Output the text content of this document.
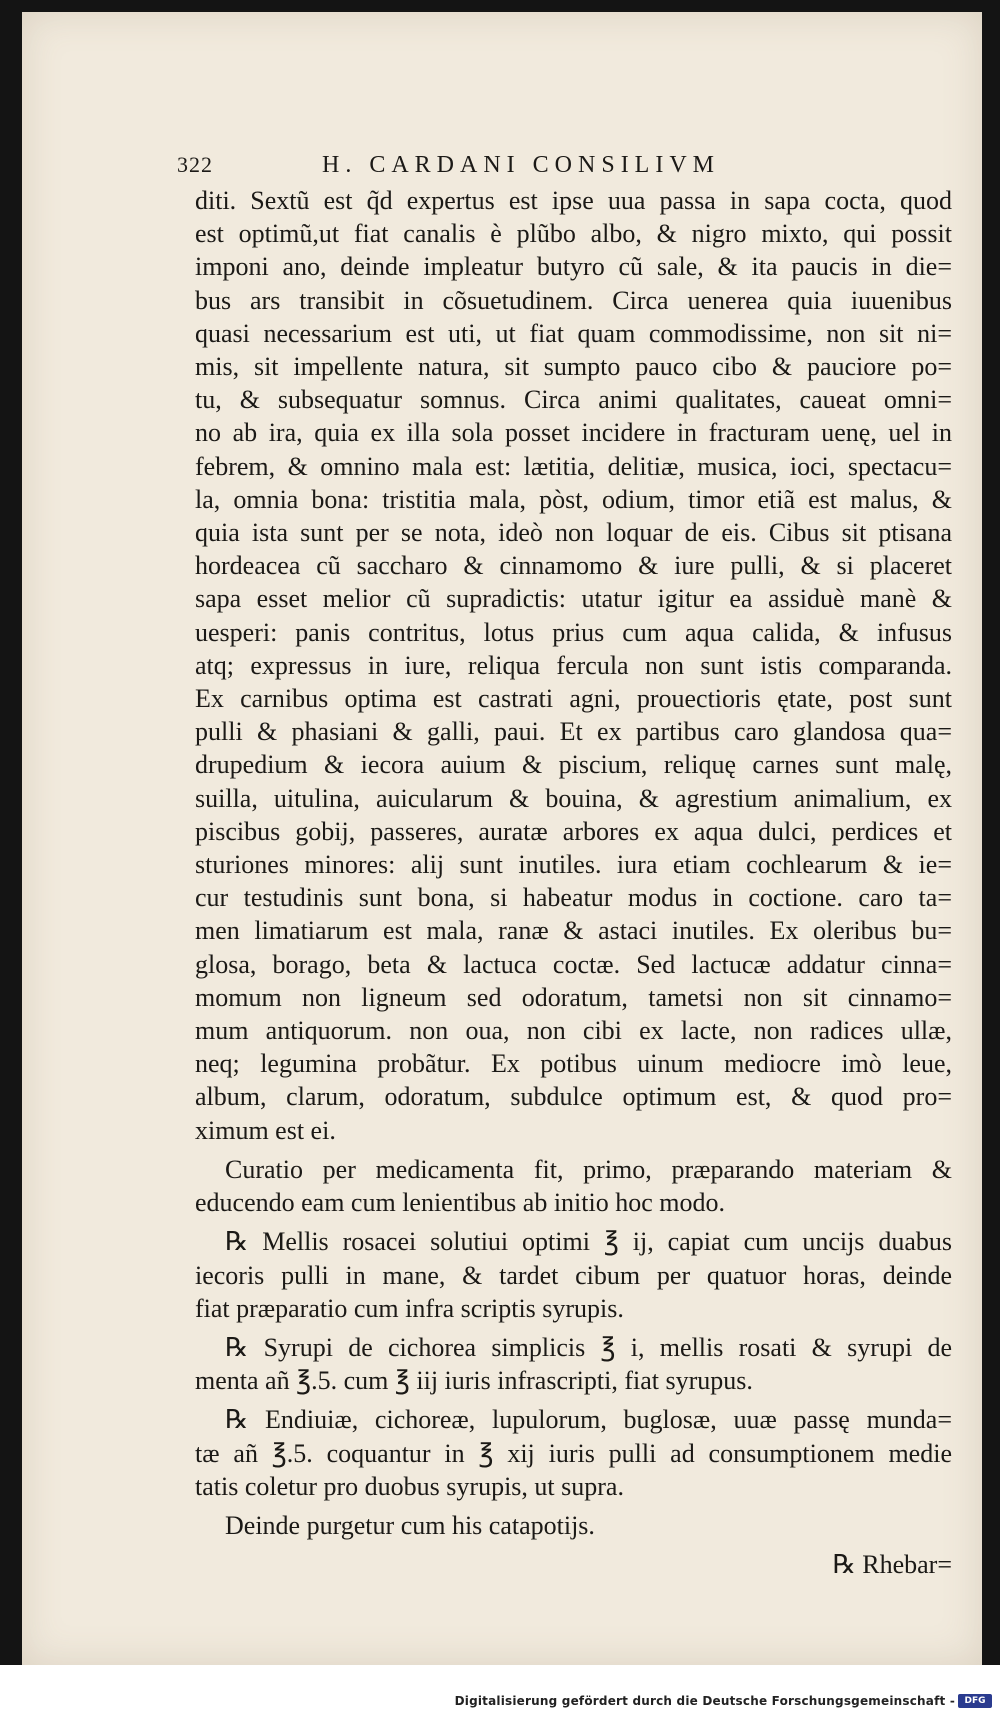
322	H. CARDANI CONSILIVM
diti. Sextũ est q̃d expertus est ipse uua passa in sapa cocta, quod
est optimũ,ut fiat canalis è plũbo albo, & nigro mixto, qui possit
imponi ano, deinde impleatur butyro cũ sale, & ita paucis in die=
bus ars transibit in cõsuetudinem. Circa uenerea quia iuuenibus
quasi necessarium est uti, ut fiat quam commodissime, non sit ni=
mis, sit impellente natura, sit sumpto pauco cibo & pauciore po=
tu, & subsequatur somnus. Circa animi qualitates, caueat omni=
no ab ira, quia ex illa sola posset incidere in fracturam uenę, uel in
febrem, & omnino mala est: lætitia, delitiæ, musica, ioci, spectacu=
la, omnia bona: tristitia mala, pòst, odium, timor etiã est malus, &
quia ista sunt per se nota, ideò non loquar de eis. Cibus sit ptisana
hordeacea cũ saccharo & cinnamomo & iure pulli, & si placeret
sapa esset melior cũ supradictis: utatur igitur ea assiduè manè &
uesperi: panis contritus, lotus prius cum aqua calida, & infusus
atq; expressus in iure, reliqua fercula non sunt istis comparanda.
Ex carnibus optima est castrati agni, prouectioris ętate, post sunt
pulli & phasiani & galli, paui. Et ex partibus caro glandosa qua=
drupedium & iecora auium & piscium, reliquę carnes sunt malę,
suilla, uitulina, auicularum & bouina, & agrestium animalium, ex
piscibus gobij, passeres, auratæ arbores ex aqua dulci, perdices et
sturiones minores: alij sunt inutiles. iura etiam cochlearum & ie=
cur testudinis sunt bona, si habeatur modus in coctione. caro ta=
men limatiarum est mala, ranæ & astaci inutiles. Ex oleribus bu=
glosa, borago, beta & lactuca coctæ. Sed lactucæ addatur cinna=
momum non ligneum sed odoratum, tametsi non sit cinnamo=
mum antiquorum. non oua, non cibi ex lacte, non radices ullæ,
neq; legumina probãtur. Ex potibus uinum mediocre imò leue,
album, clarum, odoratum, subdulce optimum est, & quod pro=
ximum est ei.
Curatio per medicamenta fit, primo, præparando materiam &
educendo eam cum lenientibus ab initio hoc modo.
℞ Mellis rosacei solutiui optimi ℥ ij, capiat cum uncijs duabus
iecoris pulli in mane, & tardet cibum per quatuor horas, deinde
fiat præparatio cum infra scriptis syrupis.
℞ Syrupi de cichorea simplicis ℥ i, mellis rosati & syrupi de
menta añ ℥.5. cum ℥ iij iuris infrascripti, fiat syrupus.
℞ Endiuiæ, cichoreæ, lupulorum, buglosæ, uuæ passę munda=
tæ añ ℥.5. coquantur in ℥ xij iuris pulli ad consumptionem medie
tatis coletur pro duobus syrupis, ut supra.
Deinde purgetur cum his catapotijs.
℞ Rhebar=
Digitalisierung gefördert durch die Deutsche Forschungsgemeinschaft -	DFG
